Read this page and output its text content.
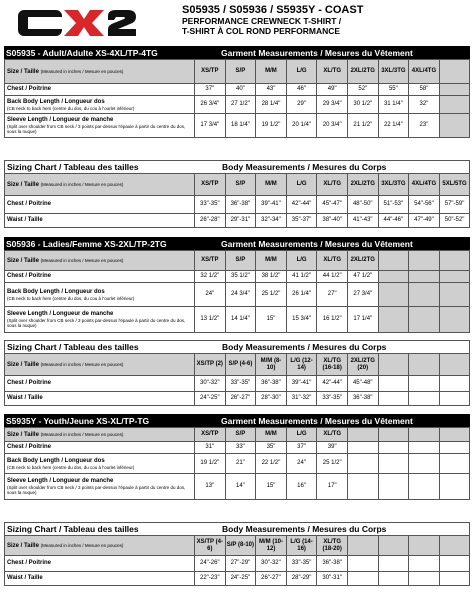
S05935 / S05936 / S5935Y - COAST
PERFORMANCE CREWNECK T-SHIRT /
T-SHIRT À COL ROND PERFORMANCE
S05935 - Adult/Adulte XS-4XL/TP-4TG	Garment Measurements / Mesures du Vêtement
Size / Taille (Measured in inches / Mesure en pouces)	XS/TP	S/P	M/M	L/G	XL/TG	2XL/2TG	3XL/3TG	4XL/4TG	
Chest / Poitrine	37"	40"	43"	46"	49"	52"	55"	58"	
Back Body Length / Longueur dos
(CB neck to back hem (centre du dos, du cou à l'ourlet inférieur)	26 3/4"	27 1/2"	28 1/4"	29"	29 3/4"	30 1/2"	31 1/4"	32"	
Sleeve Length / Longueur de manche
(Split over shoulder from CB neck / 3 points par-dessus l'épaule à partir du centre du dos, sous la nuque)	17 3/4"	18 1/4"	19 1/2"	20 1/4"	20 3/4"	21 1/2"	22 1/4"	23"	
Sizing Chart / Tableau des tailles	Body Measurements / Mesures du Corps
Size / Taille (Measured in inches / Mesure en pouces)	XS/TP	S/P	M/M	L/G	XL/TG	2XL/2TG	3XL/3TG	4XL/4TG	5XL/5TG
Chest / Poitrine	33"-35"	36"-38"	39"-41"	42"-44"	45"-47"	48"-50"	51"-53"	54"-56"	57"-59"
Waist / Taille	26"-28"	29"-31"	32"-34"	35"-37"	38"-40"	41"-43"	44"-46"	47"-49"	50"-52"
S05936 - Ladies/Femme XS-2XL/TP-2TG	Garment Measurements / Mesures du Vêtement
Size / Taille (Measured in inches / Mesure en pouces)	XS/TP	S/P	M/M	L/G	XL/TG	2XL/2TG			
Chest / Poitrine	32 1/2"	35 1/2"	38 1/2"	41 1/2"	44 1/2"	47 1/2"			
Back Body Length / Longueur dos
(CB neck to back hem (centre du dos, du cou à l'ourlet inférieur)	24"	24 3/4"	25 1/2"	26 1/4"	27"	27 3/4"			
Sleeve Length / Longueur de manche
(Split over shoulder from CB neck / 3 points par-dessus l'épaule à partir du centre du dos, sous la nuque)	13 1/2"	14 1/4"	15"	15 3/4"	16 1/2"	17 1/4"			
Sizing Chart / Tableau des tailles	Body Measurements / Mesures du Corps
Size / Taille (Measured in inches / Mesure en pouces)	XS/TP (2)	S/P (4-6)	M/M (8-10)	L/G (12-14)	XL/TG (16-18)	2XL/2TG (20)			
Chest / Poitrine	30"-32"	33"-35"	36"-38"	39"-41"	42"-44"	45"-48"			
Waist / Taille	24"-25"	26"-27"	28"-30"	31"-32"	33"-35"	36"-38"			
S5935Y - Youth/Jeune XS-XL/TP-TG	Garment Measurements / Mesures du Vêtement
Size / Taille (Measured in inches / Mesure en pouces)	XS/TP	S/P	M/M	L/G	XL/TG				
Chest / Poitrine	31"	33"	35"	37"	39"				
Back Body Length / Longueur dos
(CB neck to back hem (centre du dos, du cou à l'ourlet inférieur)	19 1/2"	21"	22 1/2"	24"	25 1/2"				
Sleeve Length / Longueur de manche
(Split over shoulder from CB neck / 3 points par-dessus l'épaule à partir du centre du dos, sous la nuque)	13"	14"	15"	16"	17"				
Sizing Chart / Tableau des tailles	Body Measurements / Mesures du Corps
Size / Taille (Measured in inches / Mesure en pouces)	XS/TP (4-6)	S/P (8-10)	M/M (10-12)	L/G (14-16)	XL/TG (18-20)				
Chest / Poitrine	24"-26"	27"-29"	30"-32"	33"-35"	36"-38"				
Waist / Taille	22"-23"	24"-25"	26"-27"	28"-29"	30"-31"				
